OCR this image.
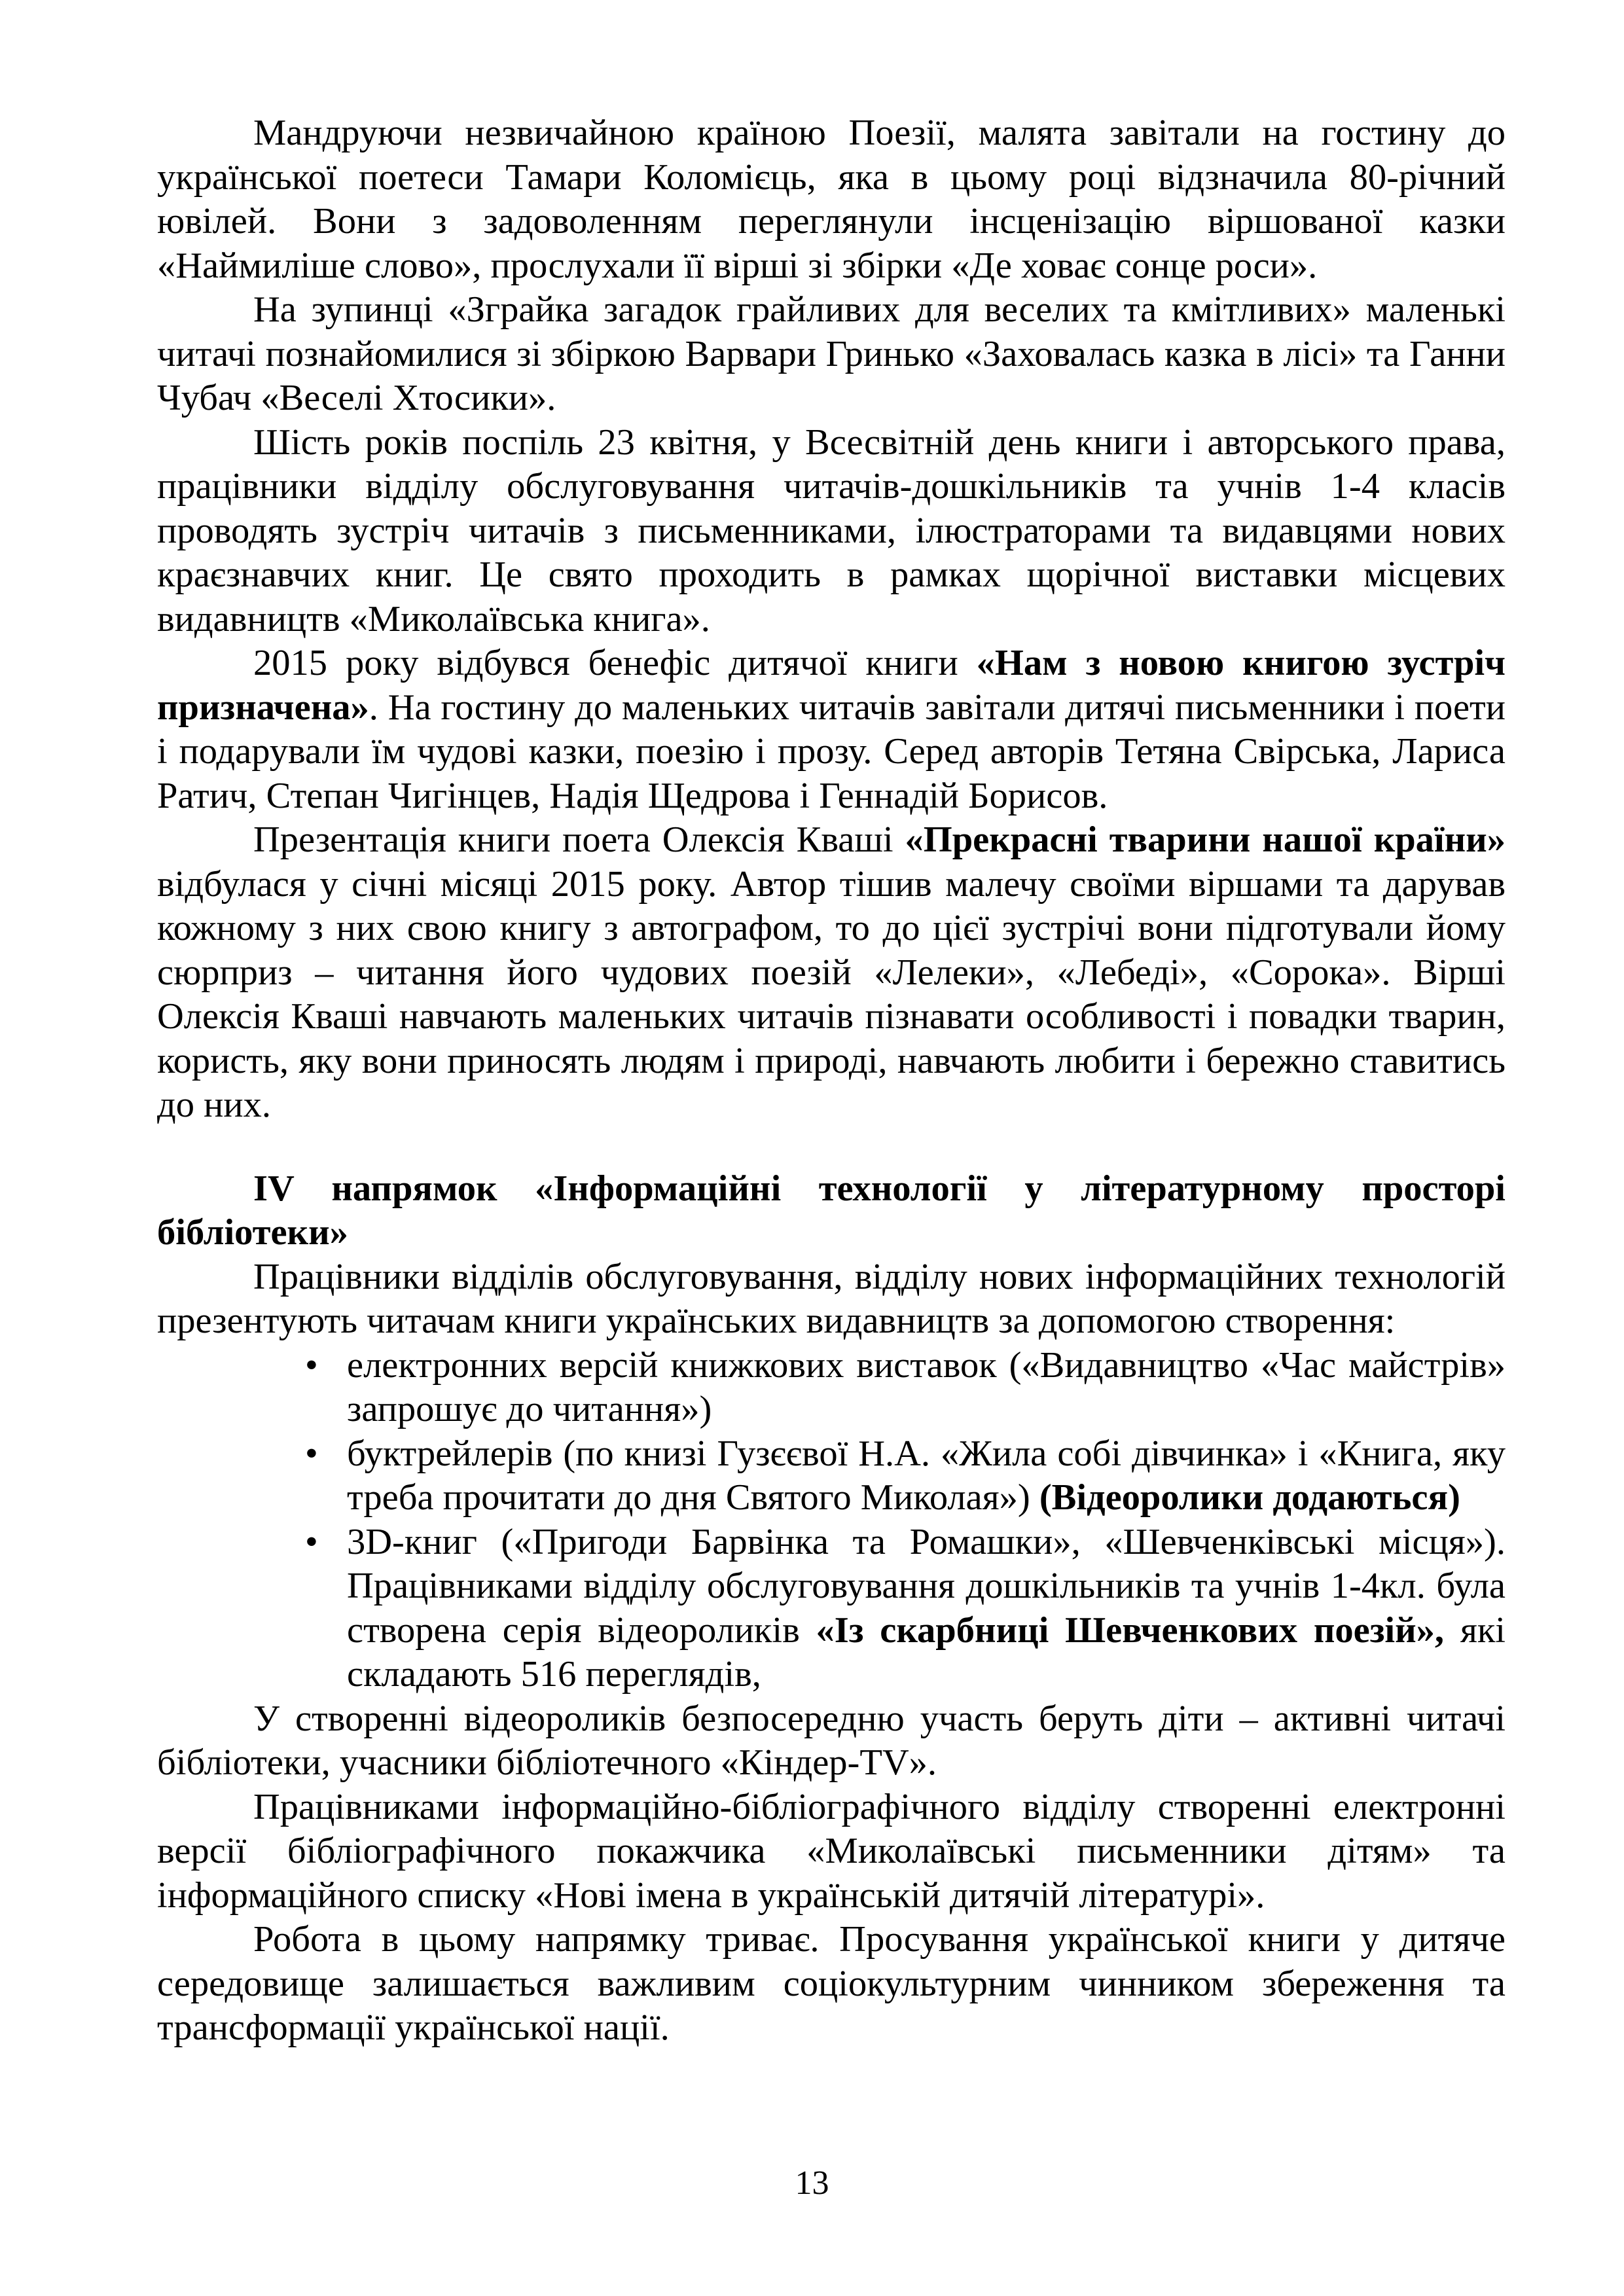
Мандруючи незвичайною країною Поезії, малята завітали на гостину до української поетеси Тамари Коломієць, яка в цьому році відзначила 80-річний ювілей. Вони з задоволенням переглянули інсценізацію віршованої казки «Наймиліше слово», прослухали її вірші зі збірки «Де ховає сонце роси».

На зупинці «Зграйка загадок грайливих для веселих та кмітливих» маленькі читачі познайомилися зі збіркою Варвари Гринько «Заховалась казка в лісі» та Ганни Чубач «Веселі Хтосики».

Шість років поспіль 23 квітня, у Всесвітній день книги і авторського права, працівники відділу обслуговування читачів-дошкільників та учнів 1-4 класів проводять зустріч читачів з письменниками, ілюстраторами та видавцями нових краєзнавчих книг. Це свято проходить в рамках щорічної виставки місцевих видавництв «Миколаївська книга».

2015 року відбувся бенефіс дитячої книги «Нам з новою книгою зустріч призначена». На гостину до маленьких читачів завітали дитячі письменники і поети і подарували їм чудові казки, поезію і прозу. Серед авторів Тетяна Свірська, Лариса Ратич, Степан Чигінцев, Надія Щедрова і Геннадій Борисов.

Презентація книги поета Олексія Кваші «Прекрасні тварини нашої країни» відбулася у січні місяці 2015 року. Автор тішив малечу своїми віршами та дарував кожному з них свою книгу з автографом, то до цієї зустрічі вони підготували йому сюрприз – читання його чудових поезій «Лелеки», «Лебеді», «Сорока». Вірші Олексія Кваші навчають маленьких читачів пізнавати особливості і повадки тварин, користь, яку вони приносять людям і природі, навчають любити і бережно ставитись до них.

IV напрямок «Інформаційні технології у літературному просторі бібліотеки»

Працівники відділів обслуговування, відділу нових інформаційних технологій презентують читачам книги українських видавництв за допомогою створення:

• електронних версій книжкових виставок («Видавництво «Час майстрів» запрошує до читання»)
• буктрейлерів (по книзі Гузєєвої Н.А. «Жила собі дівчинка» і «Книга, яку треба прочитати до дня Святого Миколая») (Відеоролики додаються)
• 3D-книг («Пригоди Барвінка та Ромашки», «Шевченківські місця»). Працівниками відділу обслуговування дошкільників та учнів 1-4кл. була створена серія відеороликів «Із скарбниці Шевченкових поезій», які складають 516 переглядів,

У створенні відеороликів безпосередню участь беруть діти – активні читачі бібліотеки, учасники бібліотечного «Кіндер-TV».

Працівниками інформаційно-бібліографічного відділу створенні електронні версії бібліографічного покажчика «Миколаївські письменники дітям» та інформаційного списку «Нові імена в українській дитячій літературі».

Робота в цьому напрямку триває. Просування української книги у дитяче середовище залишається важливим соціокультурним чинником збереження та трансформації української нації.

13
